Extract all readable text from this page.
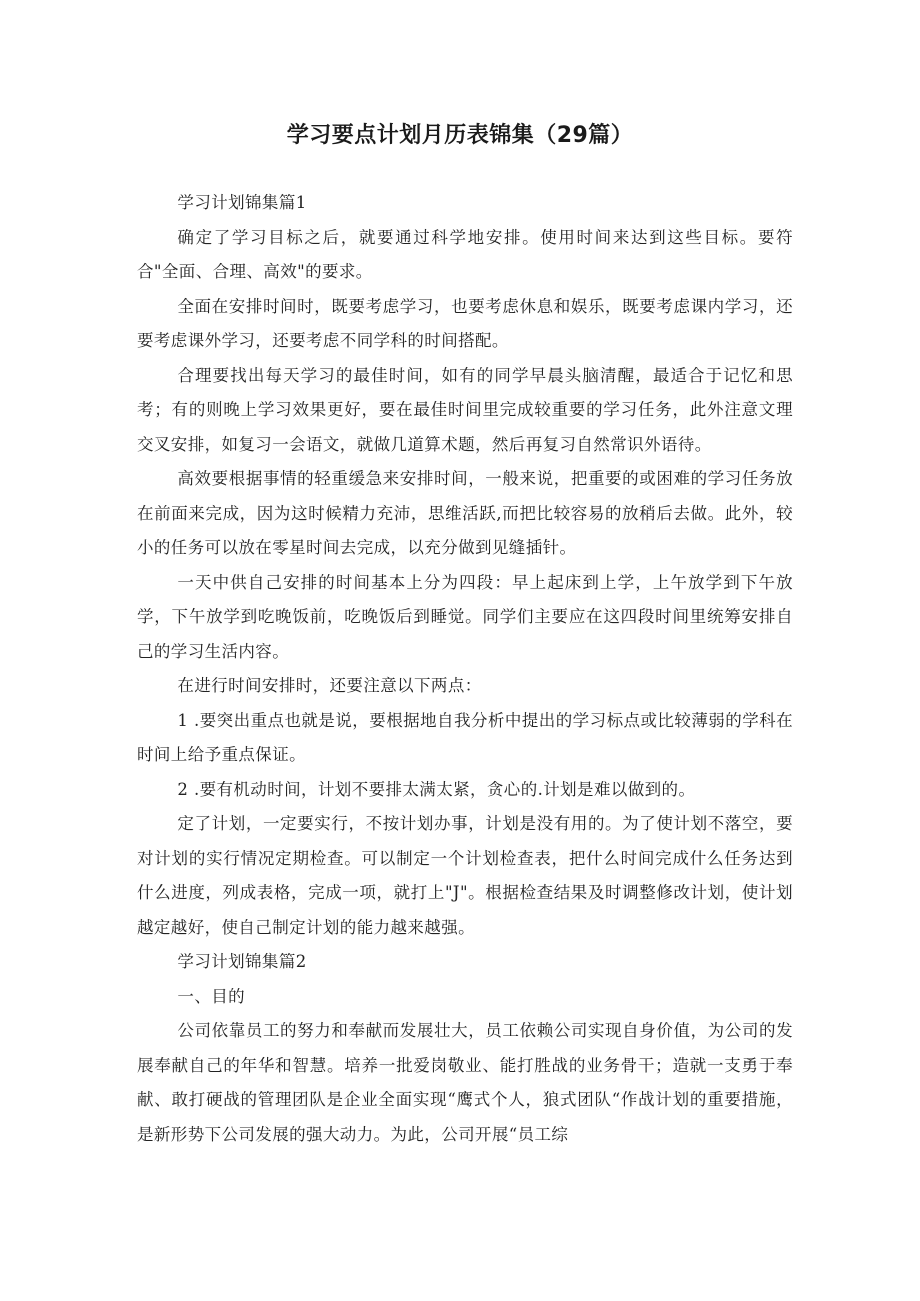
学习要点计划月历表锦集（29篇）

学习计划锦集篇1

确定了学习目标之后，就要通过科学地安排。使用时间来达到这些目标。要符合"全面、合理、高效"的要求。

全面在安排时间时，既要考虑学习，也要考虑休息和娱乐，既要考虑课内学习，还要考虑课外学习，还要考虑不同学科的时间搭配。

合理要找出每天学习的最佳时间，如有的同学早晨头脑清醒，最适合于记忆和思考；有的则晚上学习效果更好，要在最佳时间里完成较重要的学习任务，此外注意文理交叉安排，如复习一会语文，就做几道算术题，然后再复习自然常识外语待。

高效要根据事情的轻重缓急来安排时间，一般来说，把重要的或困难的学习任务放在前面来完成，因为这时候精力充沛，思维活跃,而把比较容易的放稍后去做。此外，较小的任务可以放在零星时间去完成，以充分做到见缝插针。

一天中供自己安排的时间基本上分为四段：早上起床到上学，上午放学到下午放学，下午放学到吃晚饭前，吃晚饭后到睡觉。同学们主要应在这四段时间里统筹安排自己的学习生活内容。

在进行时间安排时，还要注意以下两点：

1 .要突出重点也就是说，要根据地自我分析中提出的学习标点或比较薄弱的学科在时间上给予重点保证。

2 .要有机动时间，计划不要排太满太紧，贪心的.计划是难以做到的。

定了计划，一定要实行，不按计划办事，计划是没有用的。为了使计划不落空，要对计划的实行情况定期检查。可以制定一个计划检查表，把什么时间完成什么任务达到什么进度，列成表格，完成一项，就打上"J"。根据检查结果及时调整修改计划，使计划越定越好，使自己制定计划的能力越来越强。

学习计划锦集篇2

一、目的

公司依靠员工的努力和奉献而发展壮大，员工依赖公司实现自身价值，为公司的发展奉献自己的年华和智慧。培养一批爱岗敬业、能打胜战的业务骨干；造就一支勇于奉献、敢打硬战的管理团队是企业全面实现“鹰式个人，狼式团队“作战计划的重要措施，是新形势下公司发展的强大动力。为此，公司开展“员工综
